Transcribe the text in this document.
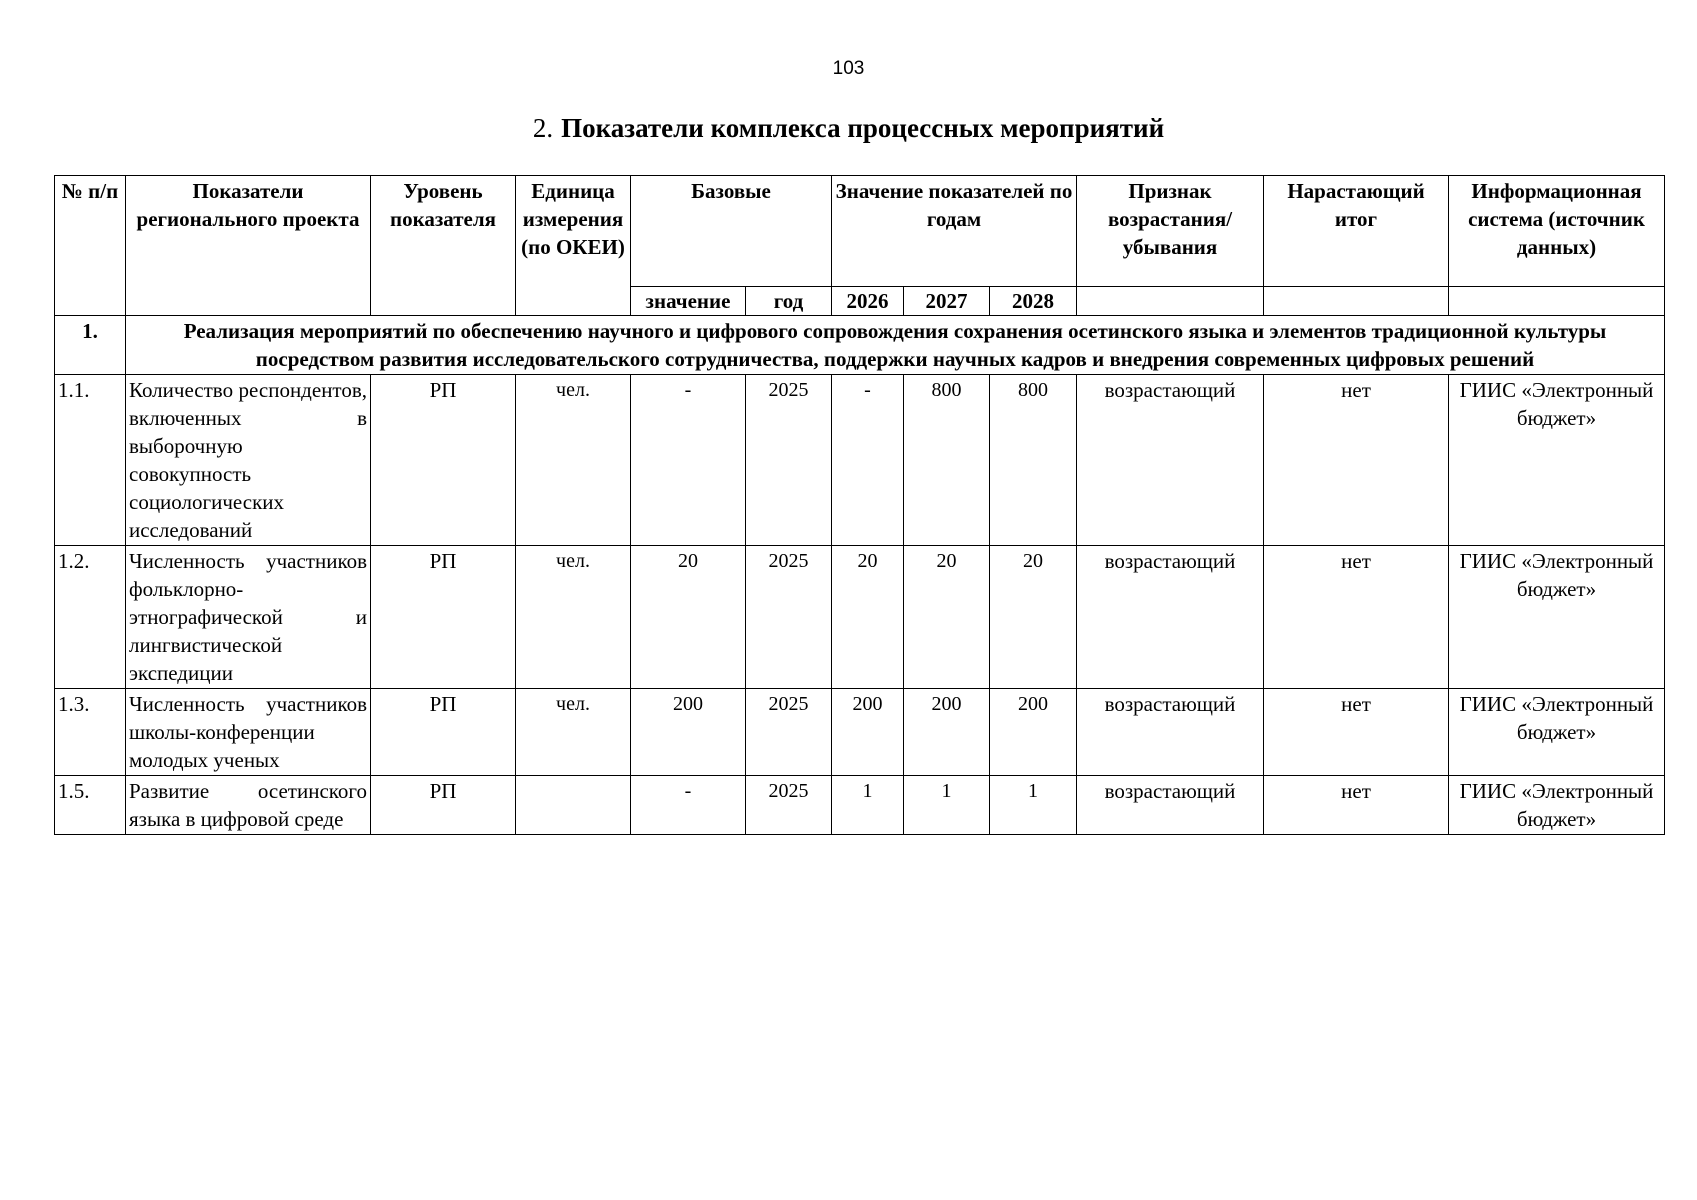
103
2. Показатели комплекса процессных мероприятий
№ п/п	Показатели регионального проекта	Уровень показателя	Единица измерения (по ОКЕИ)	Базовые		Значение показателей по годам			Признак возрастания/ убывания	Нарастающий итог	Информационная система (источник данных)
				значение	год	2026	2027	2028			
1.	Реализация мероприятий по обеспечению научного и цифрового сопровождения сохранения осетинского языка и элементов традиционной культуры посредством развития исследовательского сотрудничества, поддержки научных кадров и внедрения современных цифровых решений										
1.1.	Количество респондентов, включенных в выборочную совокупность социологических исследований	РП	чел.	-	2025	-	800	800	возрастающий	нет	ГИИС «Электронный бюджет»
1.2.	Численность участников фольклорно-этнографической и лингвистической экспедиции	РП	чел.	20	2025	20	20	20	возрастающий	нет	ГИИС «Электронный бюджет»
1.3.	Численность участников школы-конференции молодых ученых	РП	чел.	200	2025	200	200	200	возрастающий	нет	ГИИС «Электронный бюджет»
1.5.	Развитие осетинского языка в цифровой среде	РП		-	2025	1	1	1	возрастающий	нет	ГИИС «Электронный бюджет»
